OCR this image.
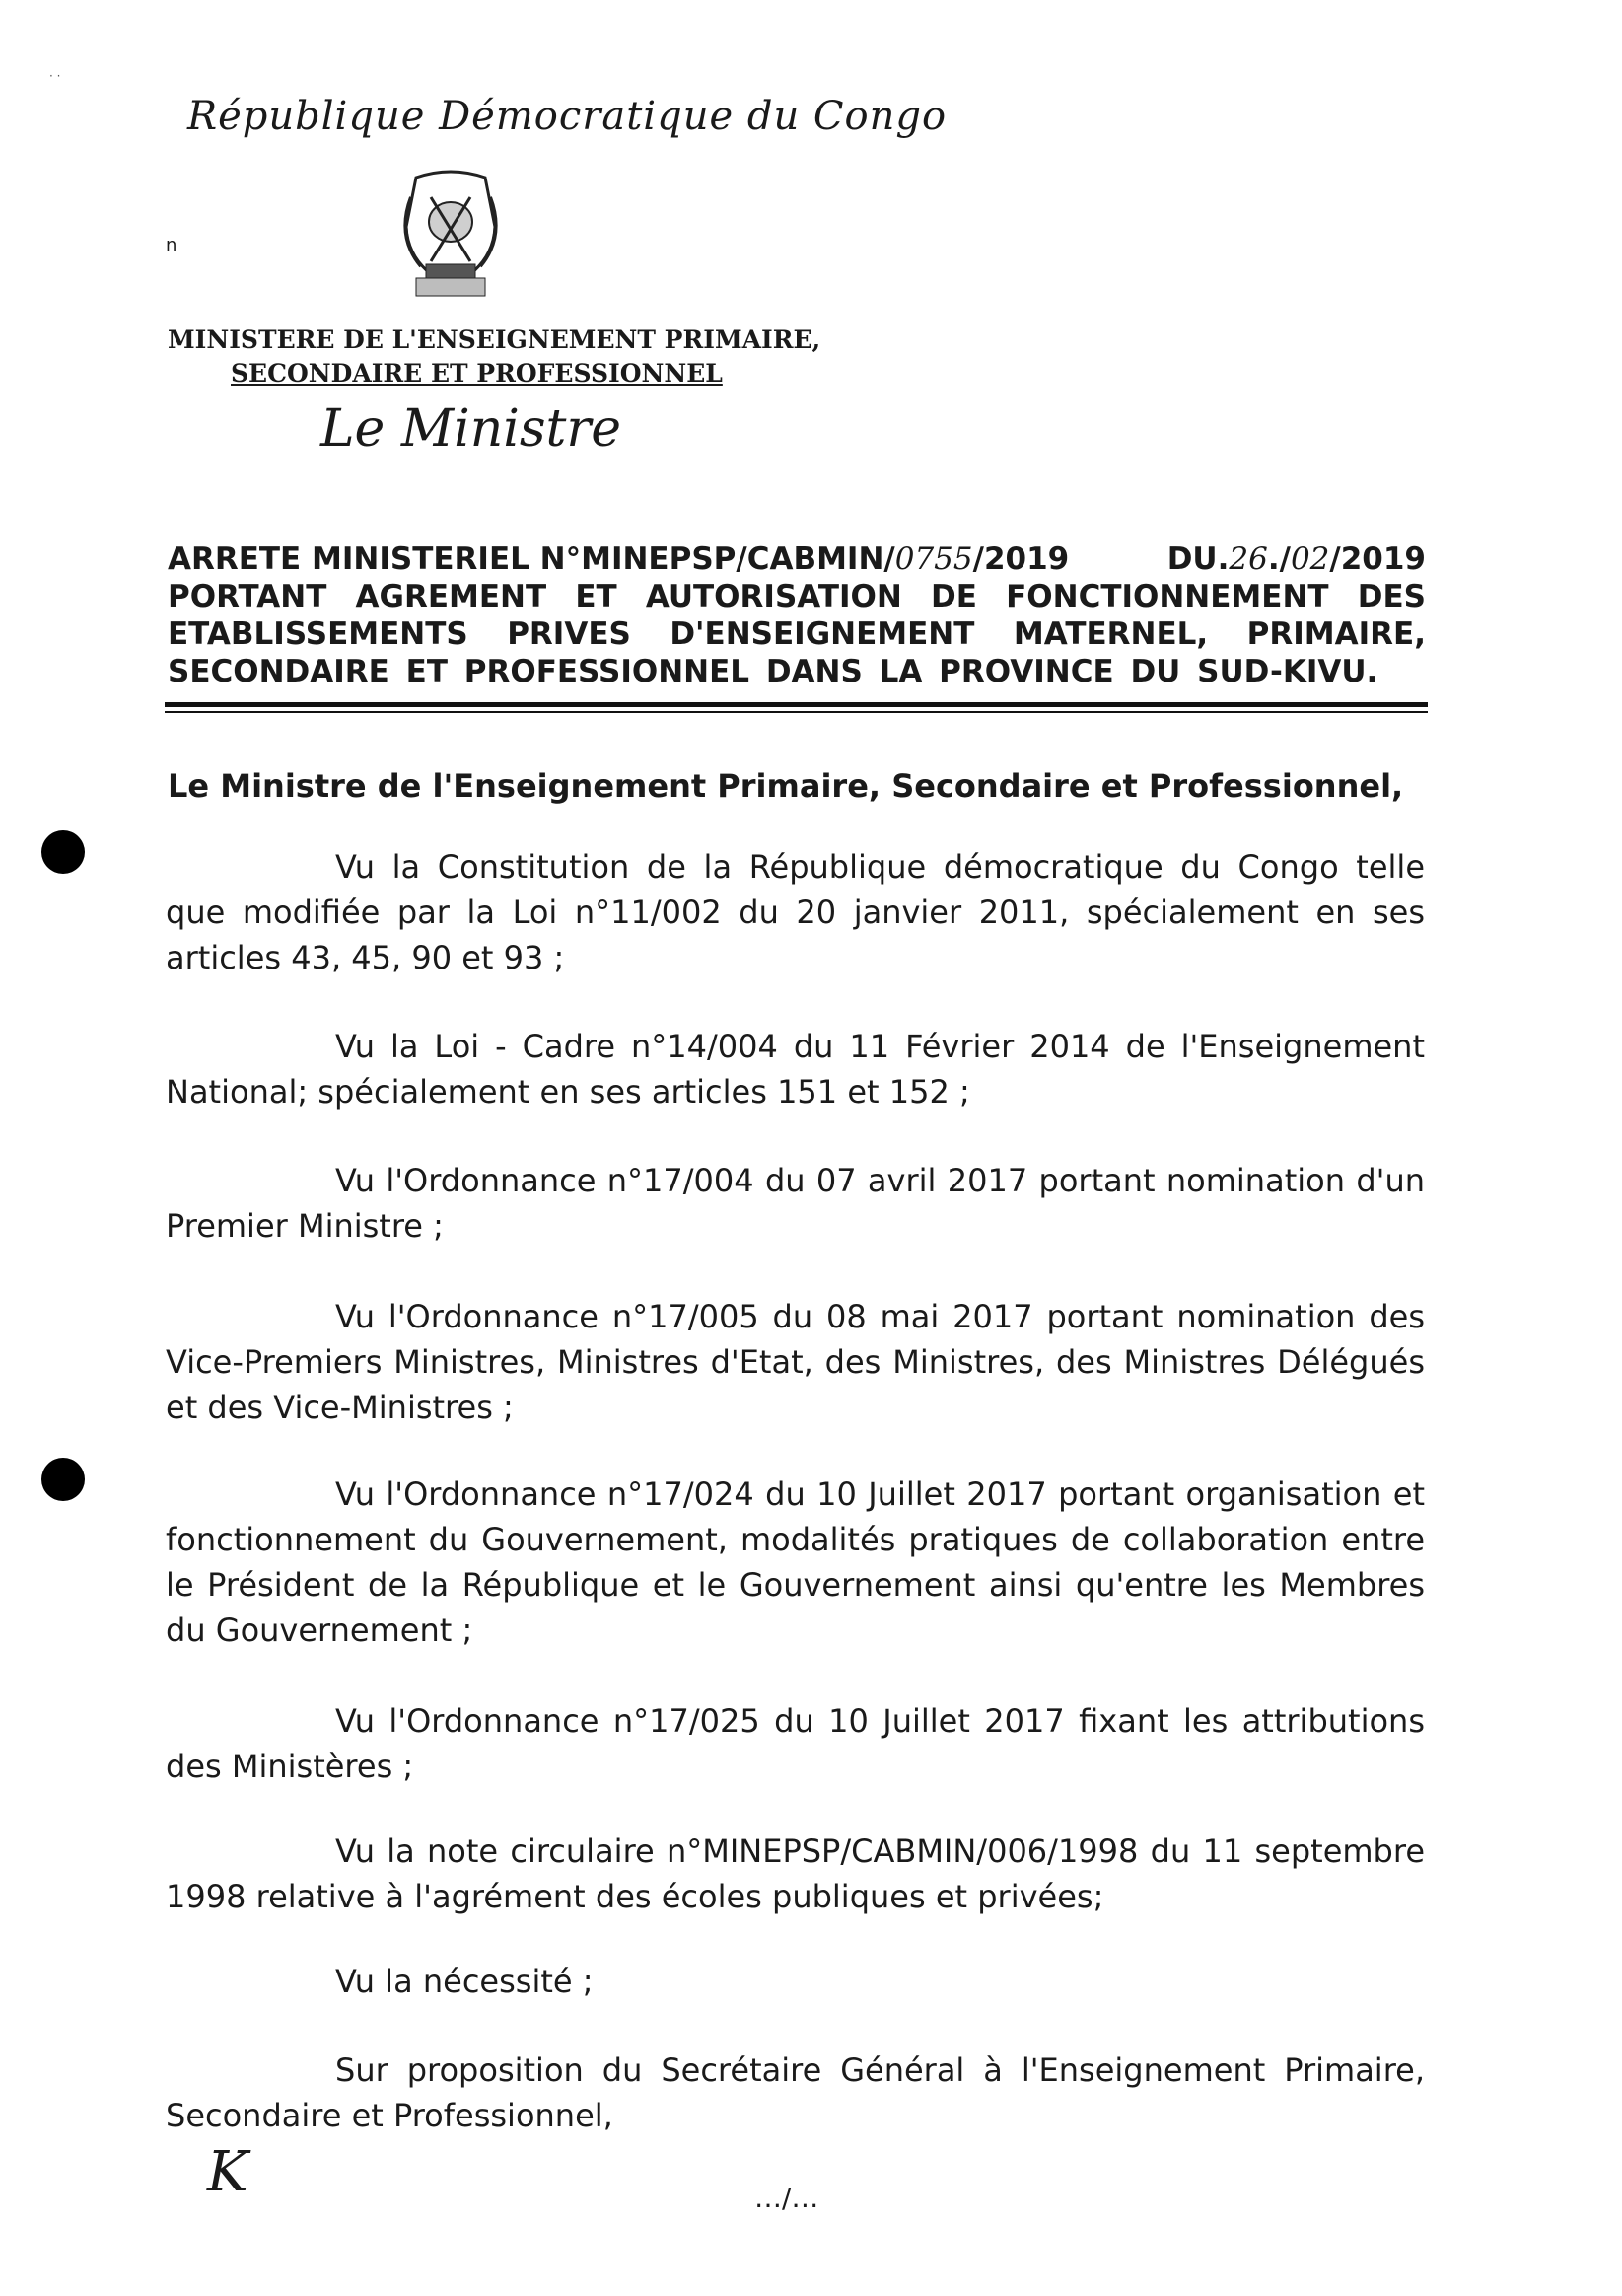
· ·
République Démocratique du Congo
n
MINISTERE DE L'ENSEIGNEMENT PRIMAIRE,
SECONDAIRE ET PROFESSIONNEL
Le Ministre
ARRETE MINISTERIEL N°MINEPSP/CABMIN/0755/2019	DU.26./02/2019
PORTANT AGREMENT ET AUTORISATION DE FONCTIONNEMENT DES
ETABLISSEMENTS PRIVES D'ENSEIGNEMENT MATERNEL, PRIMAIRE,
SECONDAIRE ET PROFESSIONNEL DANS LA PROVINCE DU SUD-KIVU.
Le Ministre de l'Enseignement Primaire, Secondaire et Professionnel,
Vu la Constitution de la République démocratique du Congo telle que modifiée par la Loi n°11/002 du 20 janvier 2011, spécialement en ses articles 43, 45, 90 et 93 ;
Vu la Loi - Cadre n°14/004 du 11 Février 2014 de l'Enseignement National; spécialement en ses articles 151 et 152 ;
Vu l'Ordonnance n°17/004 du 07 avril 2017 portant nomination d'un Premier Ministre ;
Vu l'Ordonnance n°17/005 du 08 mai 2017 portant nomination des Vice-Premiers Ministres, Ministres d'Etat, des Ministres, des Ministres Délégués et des Vice-Ministres ;
Vu l'Ordonnance n°17/024 du 10 Juillet 2017 portant organisation et fonctionnement du Gouvernement, modalités pratiques de collaboration entre le Président de la République et le Gouvernement ainsi qu'entre les Membres du Gouvernement ;
Vu l'Ordonnance n°17/025 du 10 Juillet 2017 fixant les attributions des Ministères ;
Vu la note circulaire n°MINEPSP/CABMIN/006/1998 du 11 septembre 1998 relative à l'agrément des écoles publiques et privées;
Vu la nécessité ;
Sur proposition du Secrétaire Général à l'Enseignement Primaire, Secondaire et Professionnel,
K	…/…
